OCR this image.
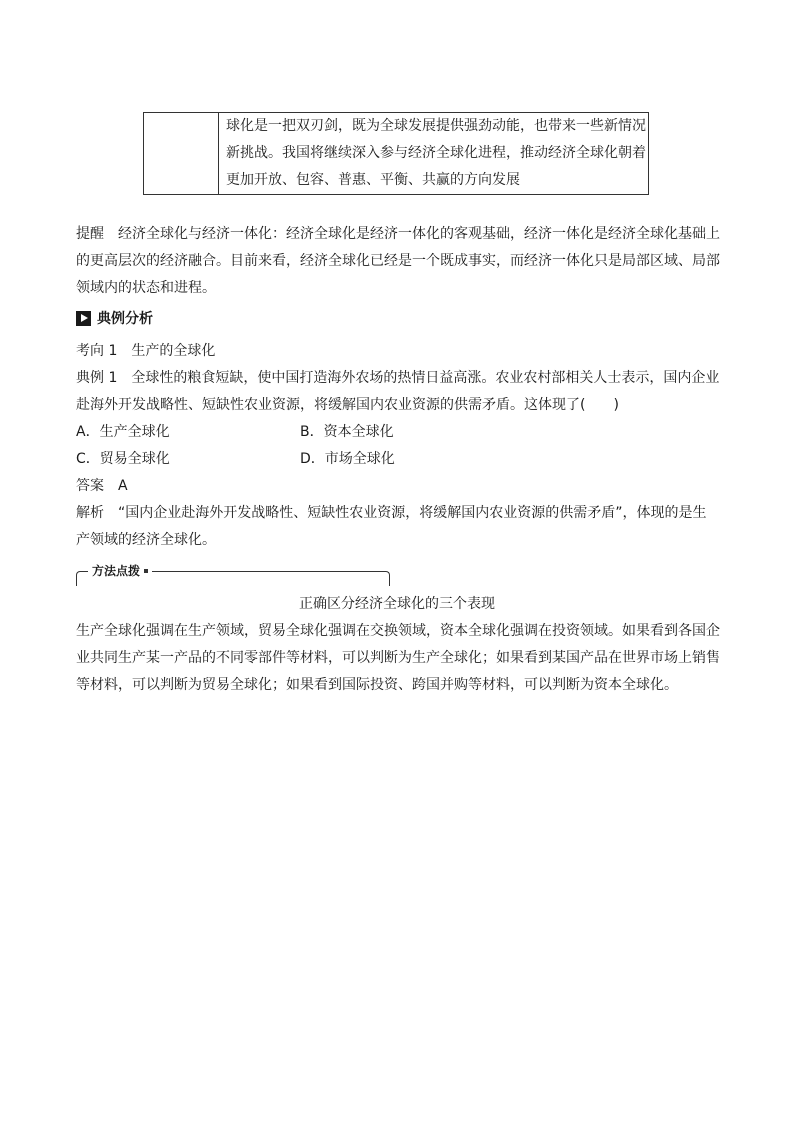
球化是一把双刃剑，既为全球发展提供强劲动能，也带来一些新情况
新挑战。我国将继续深入参与经济全球化进程，推动经济全球化朝着
更加开放、包容、普惠、平衡、共赢的方向发展
提醒　经济全球化与经济一体化：经济全球化是经济一体化的客观基础，经济一体化是经济全球化基础上
的更高层次的经济融合。目前来看，经济全球化已经是一个既成事实，而经济一体化只是局部区域、局部
领域内的状态和进程。
典例分析
考向 1　生产的全球化
典例 1　全球性的粮食短缺，使中国打造海外农场的热情日益高涨。农业农村部相关人士表示，国内企业
赴海外开发战略性、短缺性农业资源，将缓解国内农业资源的供需矛盾。这体现了(　　)
A．生产全球化	B．资本全球化
C．贸易全球化	D．市场全球化
答案　A
解析　“国内企业赴海外开发战略性、短缺性农业资源，将缓解国内农业资源的供需矛盾”，体现的是生
产领域的经济全球化。
方法点拨
正确区分经济全球化的三个表现
生产全球化强调在生产领域，贸易全球化强调在交换领域，资本全球化强调在投资领域。如果看到各国企
业共同生产某一产品的不同零部件等材料，可以判断为生产全球化；如果看到某国产品在世界市场上销售
等材料，可以判断为贸易全球化；如果看到国际投资、跨国并购等材料，可以判断为资本全球化。
